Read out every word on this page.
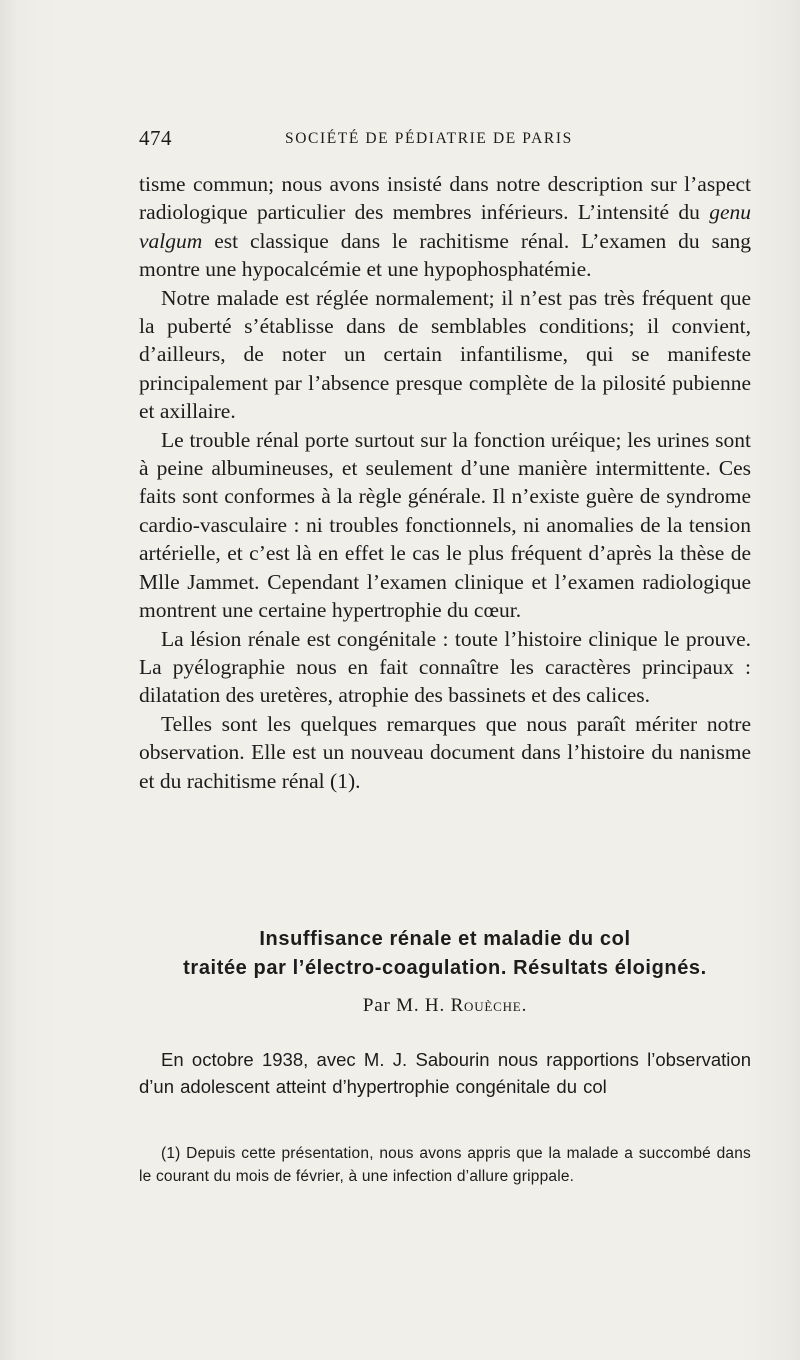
474	SOCIÉTÉ DE PÉDIATRIE DE PARIS

tisme commun; nous avons insisté dans notre description sur l’aspect radiologique particulier des membres inférieurs. L’intensité du genu valgum est classique dans le rachitisme rénal. L’examen du sang montre une hypocalcémie et une hypophosphatémie.

Notre malade est réglée normalement; il n’est pas très fréquent que la puberté s’établisse dans de semblables conditions; il convient, d’ailleurs, de noter un certain infantilisme, qui se manifeste principalement par l’absence presque complète de la pilosité pubienne et axillaire.

Le trouble rénal porte surtout sur la fonction uréique; les urines sont à peine albumineuses, et seulement d’une manière intermittente. Ces faits sont conformes à la règle générale. Il n’existe guère de syndrome cardio-vasculaire : ni troubles fonctionnels, ni anomalies de la tension artérielle, et c’est là en effet le cas le plus fréquent d’après la thèse de Mlle Jammet. Cependant l’examen clinique et l’examen radiologique montrent une certaine hypertrophie du cœur.

La lésion rénale est congénitale : toute l’histoire clinique le prouve. La pyélographie nous en fait connaître les caractères principaux : dilatation des uretères, atrophie des bassinets et des calices.

Telles sont les quelques remarques que nous paraît mériter notre observation. Elle est un nouveau document dans l’histoire du nanisme et du rachitisme rénal (1).

Insuffisance rénale et maladie du col
traitée par l’électro-coagulation. Résultats éloignés.
Par M. H. Rouèche.

En octobre 1938, avec M. J. Sabourin nous rapportions l’observation d’un adolescent atteint d’hypertrophie congénitale du col

(1) Depuis cette présentation, nous avons appris que la malade a succombé dans le courant du mois de février, à une infection d’allure grippale.
